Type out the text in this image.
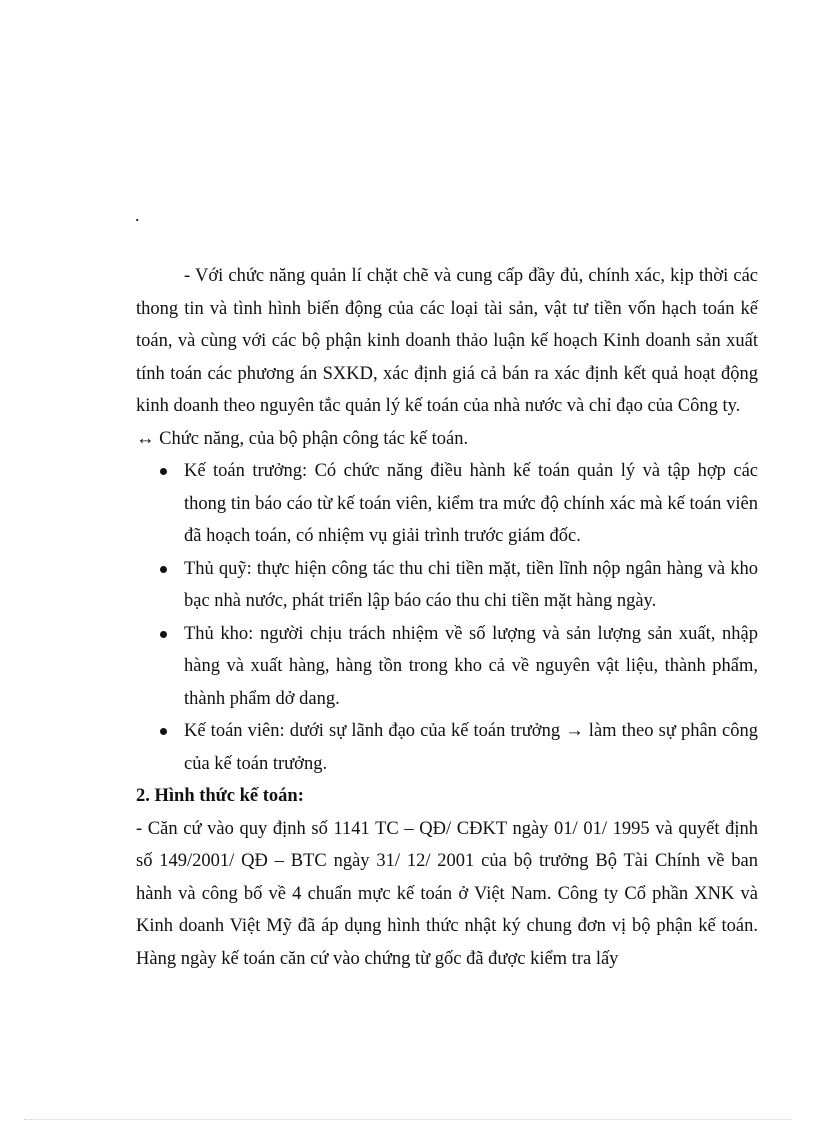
.

- Với chức năng quản lí chặt chẽ và cung cấp đầy đủ, chính xác, kịp thời các thong tin và tình hình biến động của các loại tài sản, vật tư tiền vốn hạch toán kế toán, và cùng với các bộ phận kinh doanh thảo luận kế hoạch Kinh doanh sản xuất tính toán các phương án SXKD, xác định giá cả bán ra xác định kết quả hoạt động kinh doanh theo nguyên tắc quản lý kế toán của nhà nước và chỉ đạo của Công ty.

↔ Chức năng, của bộ phận công tác kế toán.

Kế toán trưởng: Có chức năng điều hành kế toán quản lý và tập hợp các thong tin báo cáo từ kế toán viên, kiểm tra mức độ chính xác mà kế toán viên đã hoạch toán, có nhiệm vụ giải trình trước giám đốc.
Thủ quỹ: thực hiện công tác thu chi tiền mặt, tiền lĩnh nộp ngân hàng và kho bạc nhà nước, phát triển lập báo cáo thu chi tiền mặt hàng ngày.
Thủ kho: người chịu trách nhiệm về số lượng và sản lượng sản xuất, nhập hàng và xuất hàng, hàng tồn trong kho cả về nguyên vật liệu, thành phẩm, thành phẩm dở dang.
Kế toán viên: dưới sự lãnh đạo của kế toán trưởng → làm theo sự phân công của kế toán trưởng.

2. Hình thức kế toán:

- Căn cứ vào quy định số 1141 TC – QĐ/ CĐKT ngày 01/ 01/ 1995 và quyết định số 149/2001/ QĐ – BTC ngày 31/ 12/ 2001 của bộ trưởng Bộ Tài Chính về ban hành và công bố về 4 chuẩn mực kế toán ở Việt Nam. Công ty Cổ phần XNK và Kinh doanh Việt Mỹ đã áp dụng hình thức nhật ký chung đơn vị bộ phận kế toán. Hàng ngày kế toán căn cứ vào chứng từ gốc đã được kiểm tra lấy
